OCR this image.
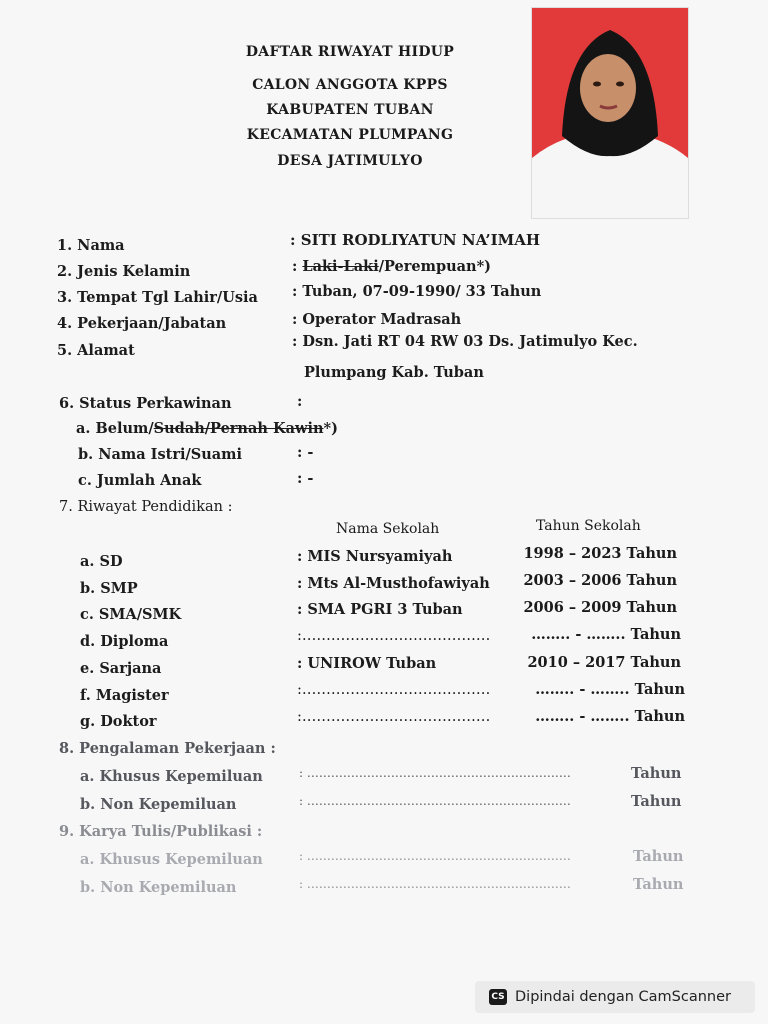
DAFTAR RIWAYAT HIDUP
CALON ANGGOTA KPPS
KABUPATEN TUBAN
KECAMATAN PLUMPANG
DESA JATIMULYO
1. Nama	: SITI RODLIYATUN NA’IMAH
2. Jenis Kelamin	: Laki-Laki/Perempuan*)
3. Tempat Tgl Lahir/Usia : Tuban, 07-09-1990/ 33 Tahun
4. Pekerjaan/Jabatan	: Operator Madrasah
5. Alamat
: Dsn. Jati RT 04 RW 03 Ds. Jatimulyo Kec.
Plumpang Kab. Tuban
6. Status Perkawinan	:
a. Belum/Sudah/Pernah Kawin*)
b. Nama Istri/Suami	: -
c. Jumlah Anak	: -
7. Riwayat Pendidikan :
Nama Sekolah	Tahun Sekolah
a. SD	: MIS Nursyamiyah	1998 – 2023 Tahun
b. SMP	: Mts Al-Musthofawiyah	2003 – 2006 Tahun
c. SMA/SMK	: SMA PGRI 3 Tuban	2006 – 2009 Tahun
d. Diploma	:…………………………………	…….. - …….. Tahun
e. Sarjana	: UNIROW Tuban	2010 – 2017 Tahun
f. Magister	:…………………………………	…….. - …….. Tahun
g. Doktor	:…………………………………	…….. - …….. Tahun
8. Pengalaman Pekerjaan :
a. Khusus Kepemiluan	: …………………………………………………………	Tahun
b. Non Kepemiluan	: …………………………………………………………	Tahun
9. Karya Tulis/Publikasi :
a. Khusus Kepemiluan	: …………………………………………………………	Tahun
b. Non Kepemiluan	: …………………………………………………………	Tahun
CS Dipindai dengan CamScanner
